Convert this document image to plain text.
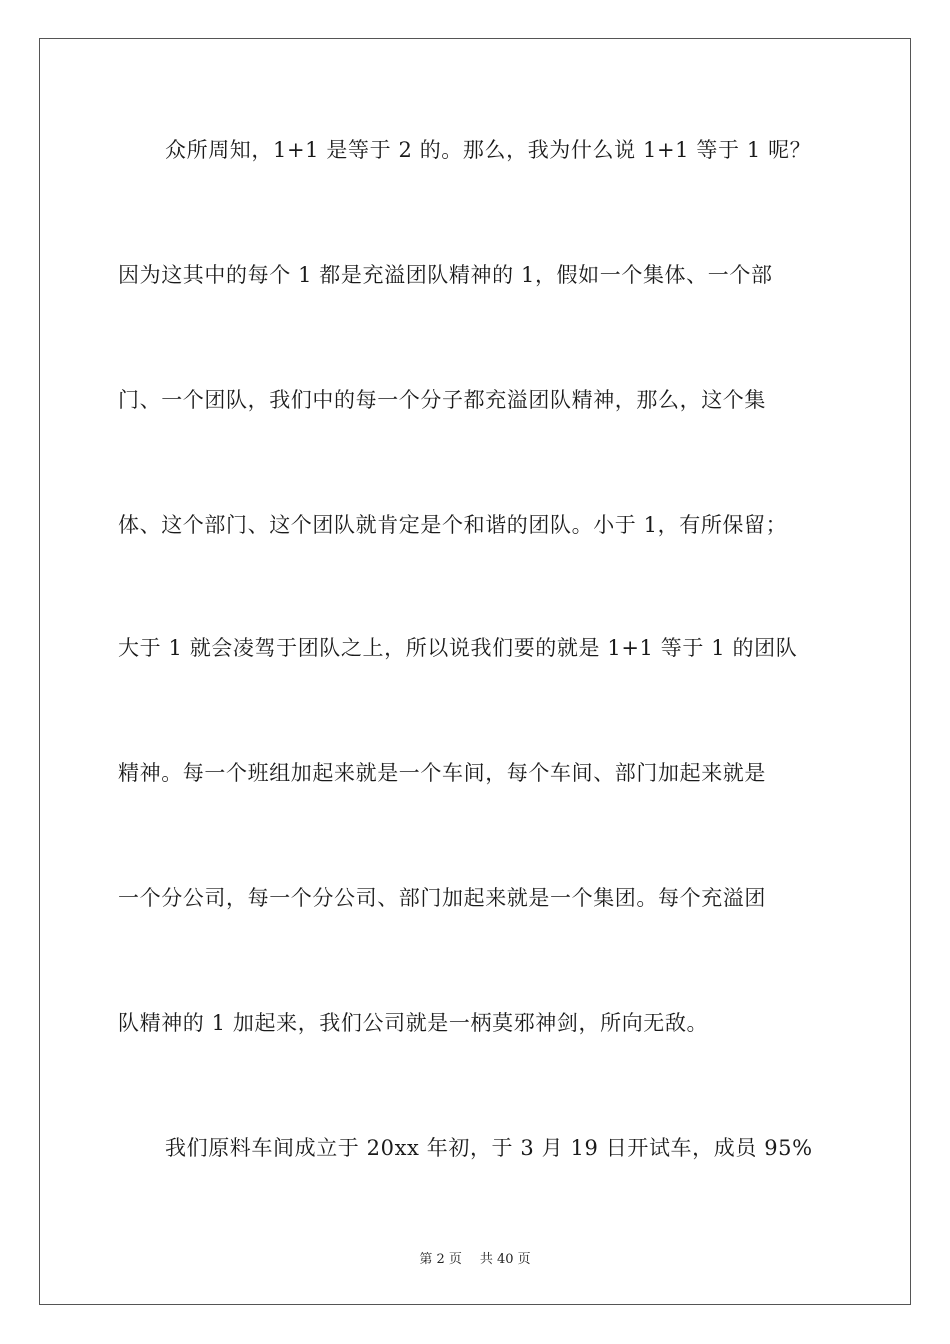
众所周知，1+1 是等于 2 的。那么，我为什么说 1+1 等于 1 呢？
因为这其中的每个 1 都是充溢团队精神的 1，假如一个集体、一个部
门、一个团队，我们中的每一个分子都充溢团队精神，那么，这个集
体、这个部门、这个团队就肯定是个和谐的团队。小于 1，有所保留；
大于 1 就会凌驾于团队之上，所以说我们要的就是 1+1 等于 1 的团队
精神。每一个班组加起来就是一个车间，每个车间、部门加起来就是
一个分公司，每一个分公司、部门加起来就是一个集团。每个充溢团
队精神的 1 加起来，我们公司就是一柄莫邪神剑，所向无敌。
我们原料车间成立于 20xx 年初，于 3 月 19 日开试车，成员 95%
第 2 页 共 40 页
